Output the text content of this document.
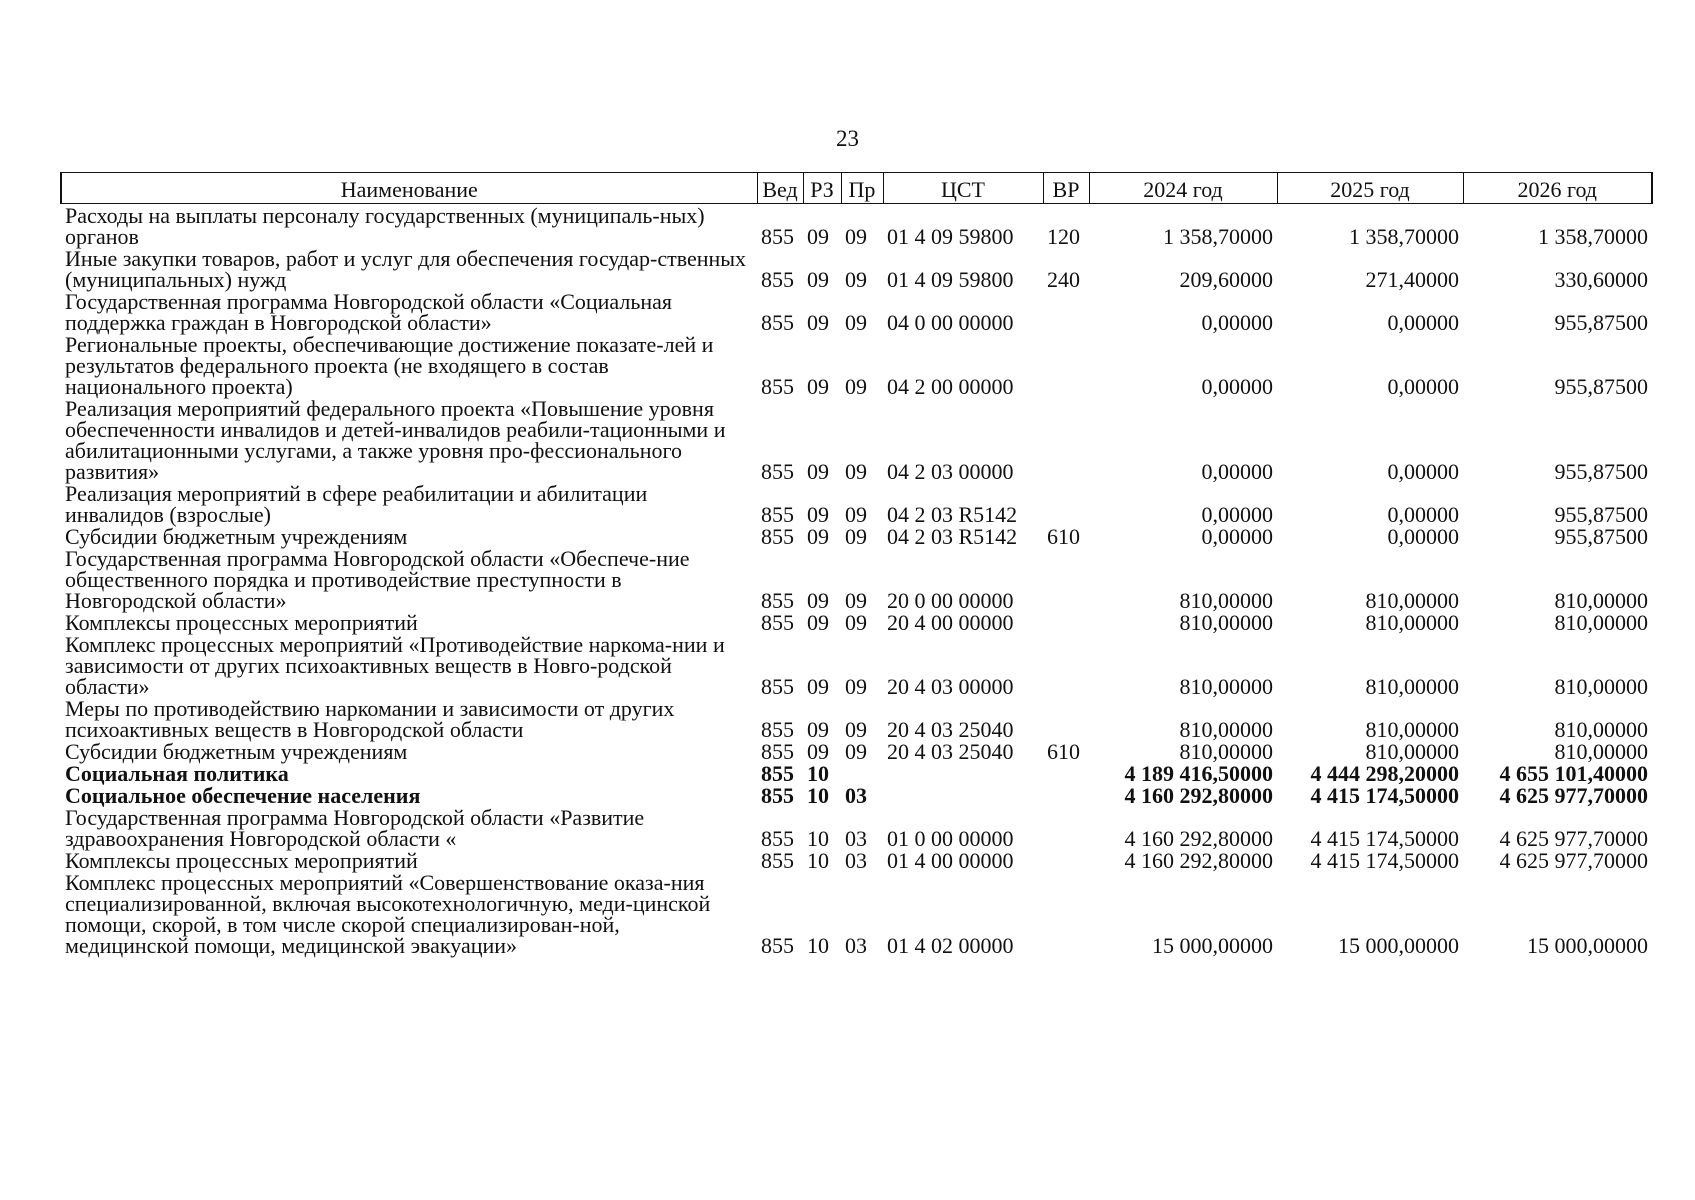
23
Наименование	Вед	РЗ	Пр	ЦСТ	ВР	2024 год	2025 год	2026 год
Расходы на выплаты персоналу государственных (муниципаль-ных) органов	855	09	09	01 4 09 59800	120	1 358,70000	1 358,70000	1 358,70000
Иные закупки товаров, работ и услуг для обеспечения государ-ственных (муниципальных) нужд	855	09	09	01 4 09 59800	240	209,60000	271,40000	330,60000
Государственная программа Новгородской области «Социальная поддержка граждан в Новгородской области»	855	09	09	04 0 00 00000		0,00000	0,00000	955,87500
Региональные проекты, обеспечивающие достижение показате-лей и результатов федерального проекта (не входящего в состав национального проекта)	855	09	09	04 2 00 00000		0,00000	0,00000	955,87500
Реализация мероприятий федерального проекта «Повышение уровня обеспеченности инвалидов и детей-инвалидов реабили-тационными и абилитационными услугами, а также уровня про-фессионального развития»	855	09	09	04 2 03 00000		0,00000	0,00000	955,87500
Реализация мероприятий в сфере реабилитации и абилитации инвалидов (взрослые)	855	09	09	04 2 03 R5142		0,00000	0,00000	955,87500
Субсидии бюджетным учреждениям	855	09	09	04 2 03 R5142	610	0,00000	0,00000	955,87500
Государственная программа Новгородской области «Обеспече-ние общественного порядка и противодействие преступности в Новгородской области»	855	09	09	20 0 00 00000		810,00000	810,00000	810,00000
Комплексы процессных мероприятий	855	09	09	20 4 00 00000		810,00000	810,00000	810,00000
Комплекс процессных мероприятий «Противодействие наркома-нии и зависимости от других психоактивных веществ в Новго-родской области»	855	09	09	20 4 03 00000		810,00000	810,00000	810,00000
Меры по противодействию наркомании и зависимости от других психоактивных веществ в Новгородской области	855	09	09	20 4 03 25040		810,00000	810,00000	810,00000
Субсидии бюджетным учреждениям	855	09	09	20 4 03 25040	610	810,00000	810,00000	810,00000
Социальная политика	855	10				4 189 416,50000	4 444 298,20000	4 655 101,40000
Социальное обеспечение населения	855	10	03			4 160 292,80000	4 415 174,50000	4 625 977,70000
Государственная программа Новгородской области «Развитие здравоохранения Новгородской области «	855	10	03	01 0 00 00000		4 160 292,80000	4 415 174,50000	4 625 977,70000
Комплексы процессных мероприятий	855	10	03	01 4 00 00000		4 160 292,80000	4 415 174,50000	4 625 977,70000
Комплекс процессных мероприятий «Совершенствование оказа-ния специализированной, включая высокотехнологичную, меди-цинской помощи, скорой, в том числе скорой специализирован-ной, медицинской помощи, медицинской эвакуации»	855	10	03	01 4 02 00000		15 000,00000	15 000,00000	15 000,00000
